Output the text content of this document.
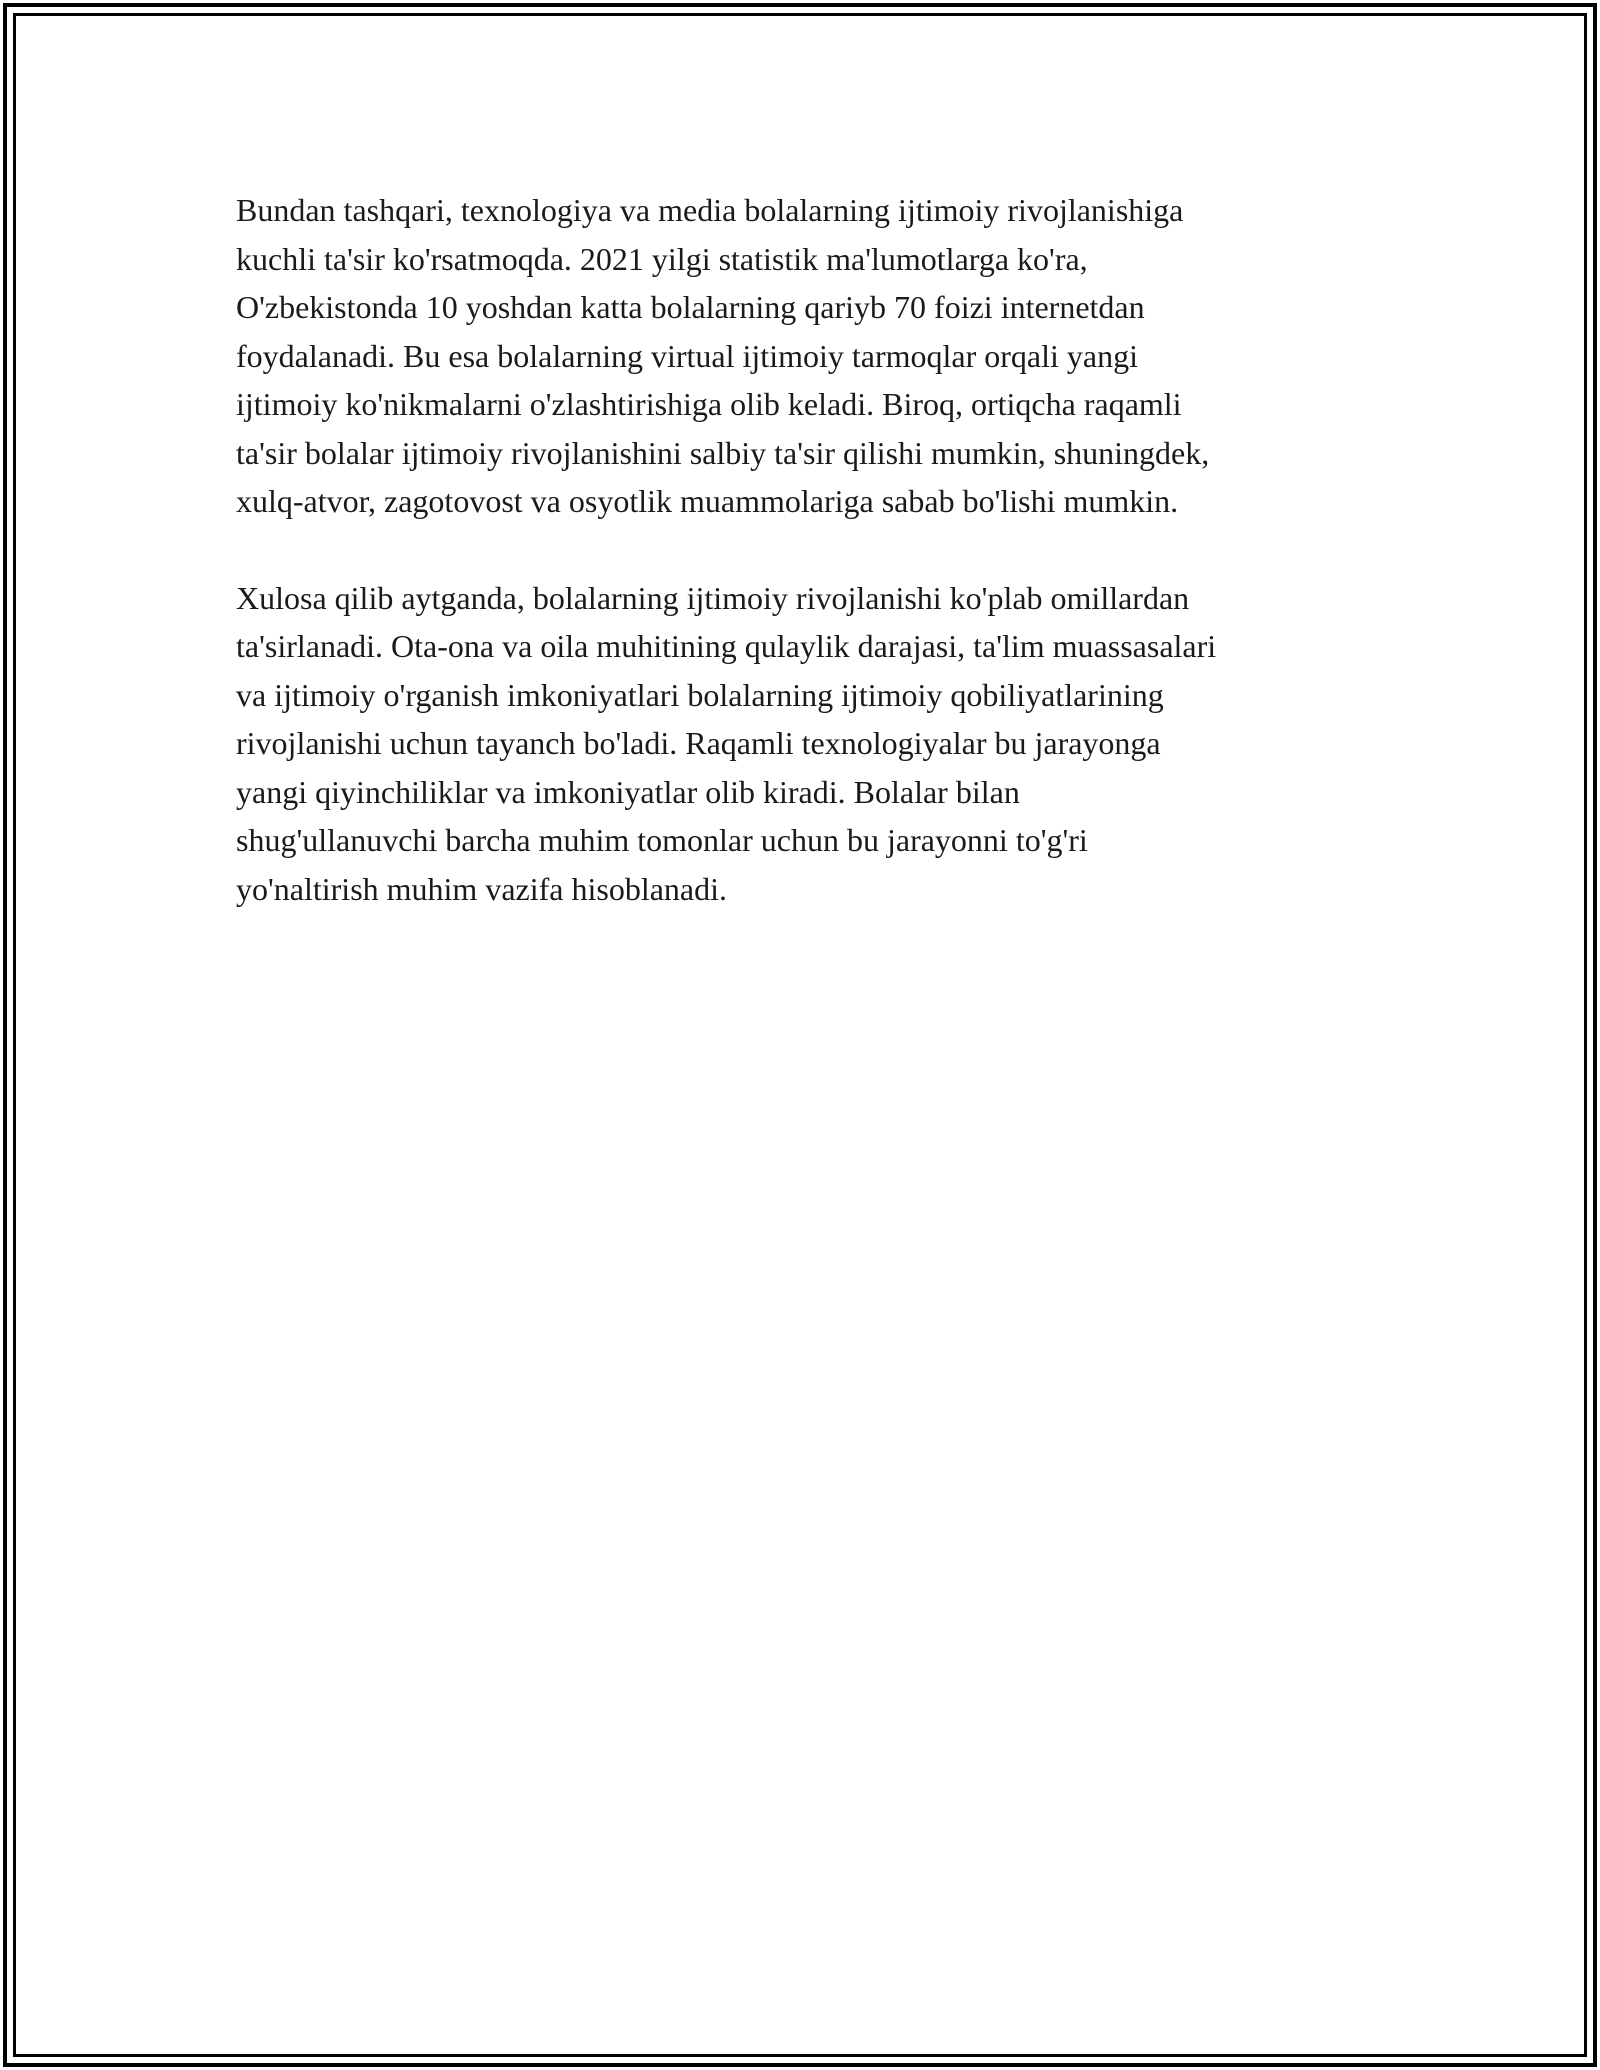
Bundan tashqari, texnologiya va media bolalarning ijtimoiy rivojlanishiga
kuchli ta'sir ko'rsatmoqda. 2021 yilgi statistik ma'lumotlarga ko'ra,
O'zbekistonda 10 yoshdan katta bolalarning qariyb 70 foizi internetdan
foydalanadi. Bu esa bolalarning virtual ijtimoiy tarmoqlar orqali yangi
ijtimoiy ko'nikmalarni o'zlashtirishiga olib keladi. Biroq, ortiqcha raqamli
ta'sir bolalar ijtimoiy rivojlanishini salbiy ta'sir qilishi mumkin, shuningdek,
xulq-atvor, zagotovost va osyotlik muammolariga sabab bo'lishi mumkin.

Xulosa qilib aytganda, bolalarning ijtimoiy rivojlanishi ko'plab omillardan
ta'sirlanadi. Ota-ona va oila muhitining qulaylik darajasi, ta'lim muassasalari
va ijtimoiy o'rganish imkoniyatlari bolalarning ijtimoiy qobiliyatlarining
rivojlanishi uchun tayanch bo'ladi. Raqamli texnologiyalar bu jarayonga
yangi qiyinchiliklar va imkoniyatlar olib kiradi. Bolalar bilan
shug'ullanuvchi barcha muhim tomonlar uchun bu jarayonni to'g'ri
yo'naltirish muhim vazifa hisoblanadi.
